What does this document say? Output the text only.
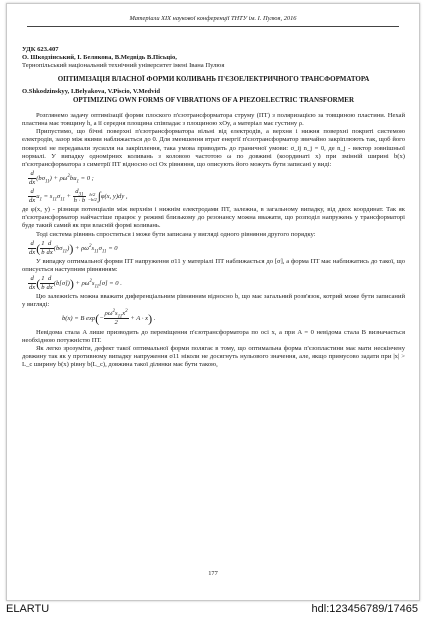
Матеріали XIX наукової конференції ТНТУ ім. І. Пулюя, 2016
УДК 623.407
О. Шкодзінський, І. Белякова, В.Медвідь В.Пісьціо,
Тернопільський національний технічний університет імені Івана Пулюя
ОПТИМІЗАЦІЯ ВЛАСНОЇ ФОРМИ КОЛИВАНЬ П'ЄЗОЕЛЕКТРИЧНОГО ТРАНСФОРМАТОРА
O.Shkodzinskyy, I.Belyakova, V.Piscio, V.Medvid
OPTIMIZING OWN FORMS OF VIBRATIONS OF A PIEZOELECTRIC TRANSFORMER

Розглянемо задачу оптимізації форми плоского п'єзотрансформатора струму (ПТ) з поляризацією за товщиною пластини. Нехай пластина має товщину h, а її середня площина співпадає з площиною xOy, а матеріал має густину ρ.

Припустимо, що бічні поверхні п'єзотрансформатора вільні від електродів, а верхня і нижня поверхні покриті системою електродів, зазор між якими наближається до 0. Для зменшення втрат енергії п'єзотрансформатор звичайно закріплюють так, щоб його поверхні не передавали зусилля на закріплення, така умова приводить до граничної умови: σ_ij n_j = 0, де n_j - вектор зовнішньої нормалі. У випадку одномірних коливань з коловою частотою ω по довжині (координаті x) при змінній ширині b(x) п'єзотрансформатора з симетрії ПТ відносно осі Ox рівняння, що описують його можуть бути записані у виді:

$\frac{d}{dx} (b\sigma_{11}) + \rho\omega^2bu_1 = 0$ ;
$\frac{d}{dx} u_1 = s_{11}\sigma_{11} + \frac{d_{31}}{h \cdot b} b/2$
−b/2∫φ(x, y)dy ,

де φ(x, y) - різниця потенціалів між верхнім і нижнім електродами ПТ, залежна, в загальному випадку, від двох координат. Так як п'єзотрансформатор найчастіше працює у режимі близькому до резонансу можна вважати, що розподіл напружень у трансформаторі буде такий самий як при власній формі коливань.

Тоді система рівнянь спроститься і може бути записана у вигляді одного рівняння другого порядку:

$\frac{d}{dx}$ ( $\frac{1}{b} \frac{d}{dx} (b\sigma_{11})) + \rho\omega^2s_{11}\sigma_{11} = 0$

У випадку оптимальної форми ПТ напруження σ11 у матеріалі ПТ наближається до [σ], а форма ПТ має наближатись до такої, що описується наступним рівнянням:

$\frac{d}{dx}$ ( $\frac{1}{b} \frac{d}{dx} (b[\sigma])) + \rho\omega^2s_{11}[\sigma] = 0$ .

Цю залежність можна вважати диференціальним рівнянням відносно b, що має загальний розв'язок, котрий може бути записаний у вигляді:

b(x) = B $\exp(- \frac{\rho\omega^2s_{11}x^2}{2} + A \cdot x)$ .

Невідома стала A лише призводить до переміщення п'єзотрансформатора по осі x, а при A = 0 невідома стала B визначається необхідною потужністю ПТ.

Як легко зрозуміти, дефект такої оптимальної форми полягає в тому, що оптимальна форма п'єзопластини має мати нескінчену довжину так як у противному випадку напруження σ11 ніколи не досягнуть нульового значення, але, якщо примусово задати при |x| > L_c ширину b(x) рівну b(L_c), довжина такої ділянки має бути такою,

177
ELARTU	hdl:123456789/17465
